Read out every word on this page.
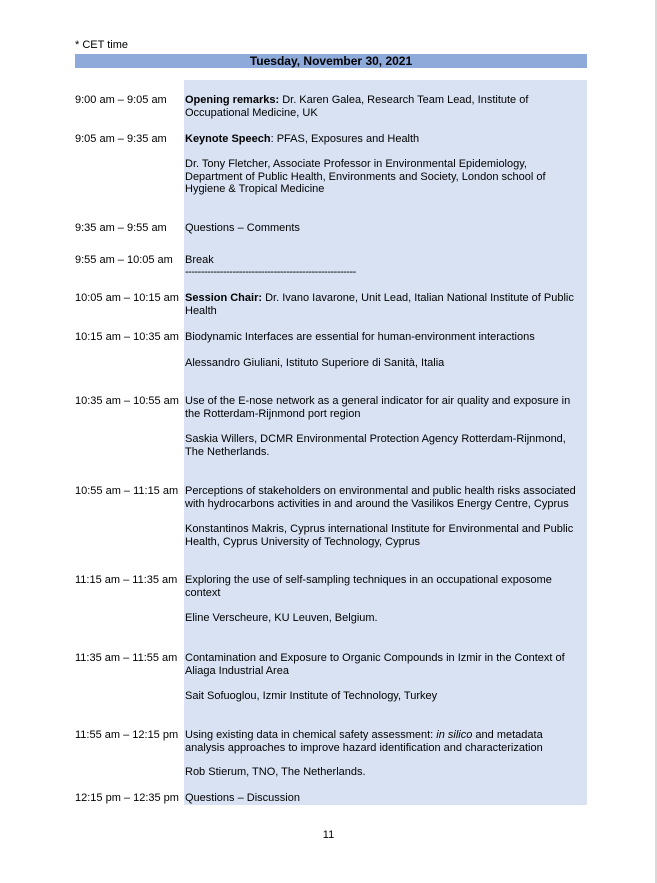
* CET time
Tuesday, November 30, 2021
9:00 am – 9:05 am	Opening remarks: Dr. Karen Galea, Research Team Lead, Institute of Occupational Medicine, UK
9:05 am – 9:35 am	Keynote Speech: PFAS, Exposures and Health
Dr. Tony Fletcher, Associate Professor in Environmental Epidemiology, Department of Public Health, Environments and Society, London school of Hygiene & Tropical Medicine
9:35 am – 9:55 am	Questions – Comments
9:55 am – 10:05 am	Break
------------------------------------------------------
10:05 am – 10:15 am Session Chair: Dr. Ivano Iavarone, Unit Lead, Italian National Institute of Public Health
10:15 am – 10:35 am Biodynamic Interfaces are essential for human-environment interactions
Alessandro Giuliani, Istituto Superiore di Sanità, Italia
10:35 am – 10:55 am Use of the E-nose network as a general indicator for air quality and exposure in the Rotterdam-Rijnmond port region
Saskia Willers, DCMR Environmental Protection Agency Rotterdam-Rijnmond, The Netherlands.
10:55 am – 11:15 am Perceptions of stakeholders on environmental and public health risks associated with hydrocarbons activities in and around the Vasilikos Energy Centre, Cyprus
Konstantinos Makris, Cyprus international Institute for Environmental and Public Health, Cyprus University of Technology, Cyprus
11:15 am – 11:35 am Exploring the use of self-sampling techniques in an occupational exposome context
Eline Verscheure, KU Leuven, Belgium.
11:35 am – 11:55 am Contamination and Exposure to Organic Compounds in Izmir in the Context of Aliaga Industrial Area
Sait Sofuoglou, Izmir Institute of Technology, Turkey
11:55 am – 12:15 pm Using existing data in chemical safety assessment: in silico and metadata analysis approaches to improve hazard identification and characterization
Rob Stierum, TNO, The Netherlands.
12:15 pm – 12:35 pm Questions – Discussion
11
